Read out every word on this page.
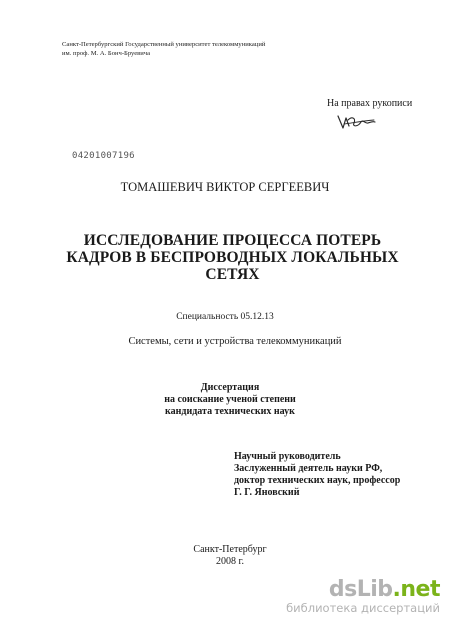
Санкт-Петербургский Государственный университет телекоммуникаций
им. проф. М. А. Бонч-Бруевича
На правах рукописи
04201007196
ТОМАШЕВИЧ ВИКТОР СЕРГЕЕВИЧ
ИССЛЕДОВАНИЕ ПРОЦЕССА ПОТЕРЬ
КАДРОВ В БЕСПРОВОДНЫХ ЛОКАЛЬНЫХ
СЕТЯХ
Специальность 05.12.13
Системы, сети и устройства телекоммуникаций
Диссертация
на соискание ученой степени
кандидата технических наук
Научный руководитель
Заслуженный деятель науки РФ,
доктор технических наук, профессор
Г. Г. Яновский
Санкт-Петербург
2008 г.
dsLib.net
библиотека диссертаций
